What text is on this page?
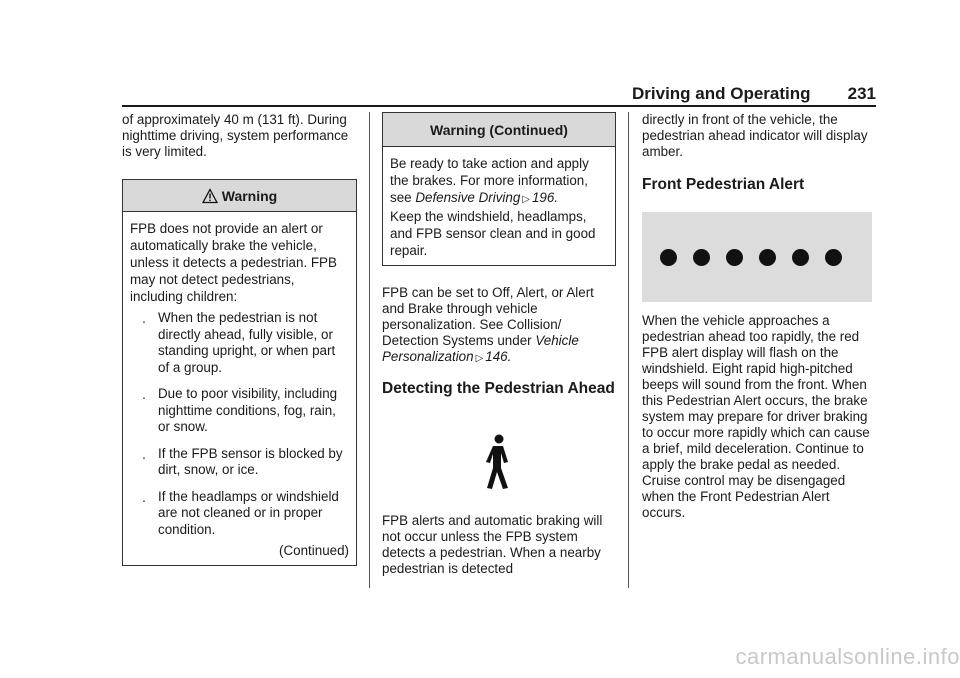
Driving and Operating 231

of approximately 40 m (131 ft). During nighttime driving, system performance is very limited.

Warning

FPB does not provide an alert or automatically brake the vehicle, unless it detects a pedestrian. FPB may not detect pedestrians, including children:

. When the pedestrian is not directly ahead, fully visible, or standing upright, or when part of a group.
. Due to poor visibility, including nighttime conditions, fog, rain, or snow.
. If the FPB sensor is blocked by dirt, snow, or ice.
. If the headlamps or windshield are not cleaned or in proper condition.
(Continued)
Warning (Continued)

Be ready to take action and apply the brakes. For more information, see Defensive Driving ▷ 196.

Keep the windshield, headlamps, and FPB sensor clean and in good repair.

FPB can be set to Off, Alert, or Alert and Brake through vehicle personalization. See Collision/ Detection Systems under Vehicle Personalization ▷ 146.

Detecting the Pedestrian Ahead

FPB alerts and automatic braking will not occur unless the FPB system detects a pedestrian. When a nearby pedestrian is detected

directly in front of the vehicle, the pedestrian ahead indicator will display amber.

Front Pedestrian Alert

When the vehicle approaches a pedestrian ahead too rapidly, the red FPB alert display will flash on the windshield. Eight rapid high-pitched beeps will sound from the front. When this Pedestrian Alert occurs, the brake system may prepare for driver braking to occur more rapidly which can cause a brief, mild deceleration. Continue to apply the brake pedal as needed. Cruise control may be disengaged when the Front Pedestrian Alert occurs.

carmanualsonline.info
